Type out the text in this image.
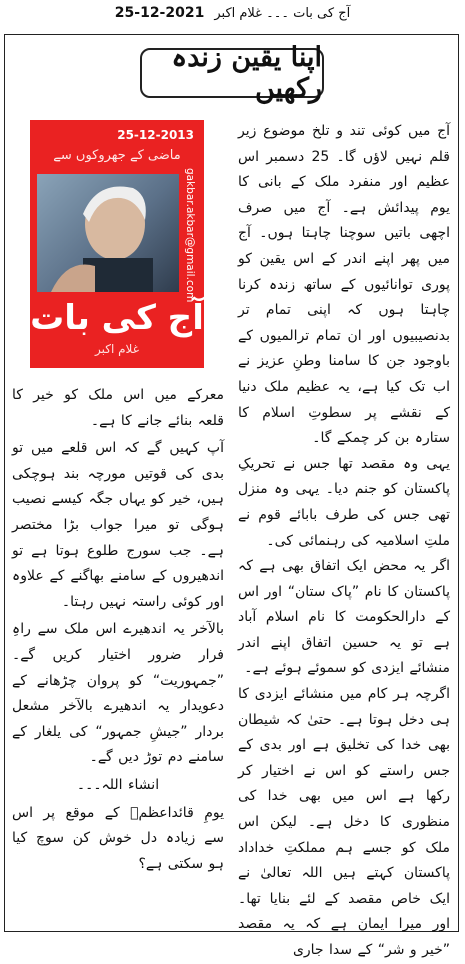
25-12-2021 آج کی بات ۔۔۔ غلام اکبر
اپنا یقین زندہ رکھیں
25-12-2013
ماضی کے جھروکوں سے
gakbar.akbar@gmail.com
آج کی بات
غلام اکبر

آج میں کوئی تند و تلخ موضوع زیر قلم نہیں لاؤں گا۔ 25 دسمبر اس عظیم اور منفرد ملک کے بانی کا یوم پیدائش ہے۔ آج میں صرف اچھی باتیں سوچنا چاہتا ہوں۔ آج میں پھر اپنے اندر کے اس یقین کو پوری توانائیوں کے ساتھ زندہ کرنا چاہتا ہوں کہ اپنی تمام تر بدنصیبیوں اور ان تمام ترالمیوں کے باوجود جن کا سامنا وطنِ عزیز نے اب تک کیا ہے، یہ عظیم ملک دنیا کے نقشے پر سطوتِ اسلام کا ستارہ بن کر چمکے گا۔

یہی وہ مقصد تھا جس نے تحریکِ پاکستان کو جنم دیا۔ یہی وہ منزل تھی جس کی طرف بابائے قوم نے ملتِ اسلامیہ کی رہنمائی کی۔

اگر یہ محض ایک اتفاق بھی ہے کہ پاکستان کا نام ”پاک ستان“ اور اس کے دارالحکومت کا نام اسلام آباد ہے تو یہ حسین اتفاق اپنے اندر منشائے ایزدی کو سموئے ہوئے ہے۔

اگرچہ ہر کام میں منشائے ایزدی کا ہی دخل ہوتا ہے۔ حتیٰ کہ شیطان بھی خدا کی تخلیق ہے اور بدی کے جس راستے کو اس نے اختیار کر رکھا ہے اس میں بھی خدا کی منظوری کا دخل ہے۔ لیکن اس ملک کو جسے ہم مملکتِ خداداد پاکستان کہتے ہیں اللہ تعالیٰ نے ایک خاص مقصد کے لئے بنایا تھا۔ اور میرا ایمان ہے کہ یہ مقصد ”خیر و شر“ کے سدا جاری

معرکے میں اس ملک کو خیر کا قلعہ بنائے جانے کا ہے۔

آپ کہیں گے کہ اس قلعے میں تو بدی کی قوتیں مورچہ بند ہوچکی ہیں، خیر کو یہاں جگہ کیسے نصیب ہوگی تو میرا جواب بڑا مختصر ہے۔ جب سورج طلوع ہوتا ہے تو اندھیروں کے سامنے بھاگنے کے علاوہ اور کوئی راستہ نہیں رہتا۔

بالآخر یہ اندھیرے اس ملک سے راہِ فرار ضرور اختیار کریں گے۔ ”جمہوریت“ کو پروان چڑھانے کے دعویدار یہ اندھیرے بالآخر مشعل بردار ”جیشِ جمہور“ کی یلغار کے سامنے دم توڑ دیں گے۔

انشاء اللہ۔۔۔

یومِ قائداعظمؒ کے موقع پر اس سے زیادہ دل خوش کن سوچ کیا ہو سکتی ہے؟
